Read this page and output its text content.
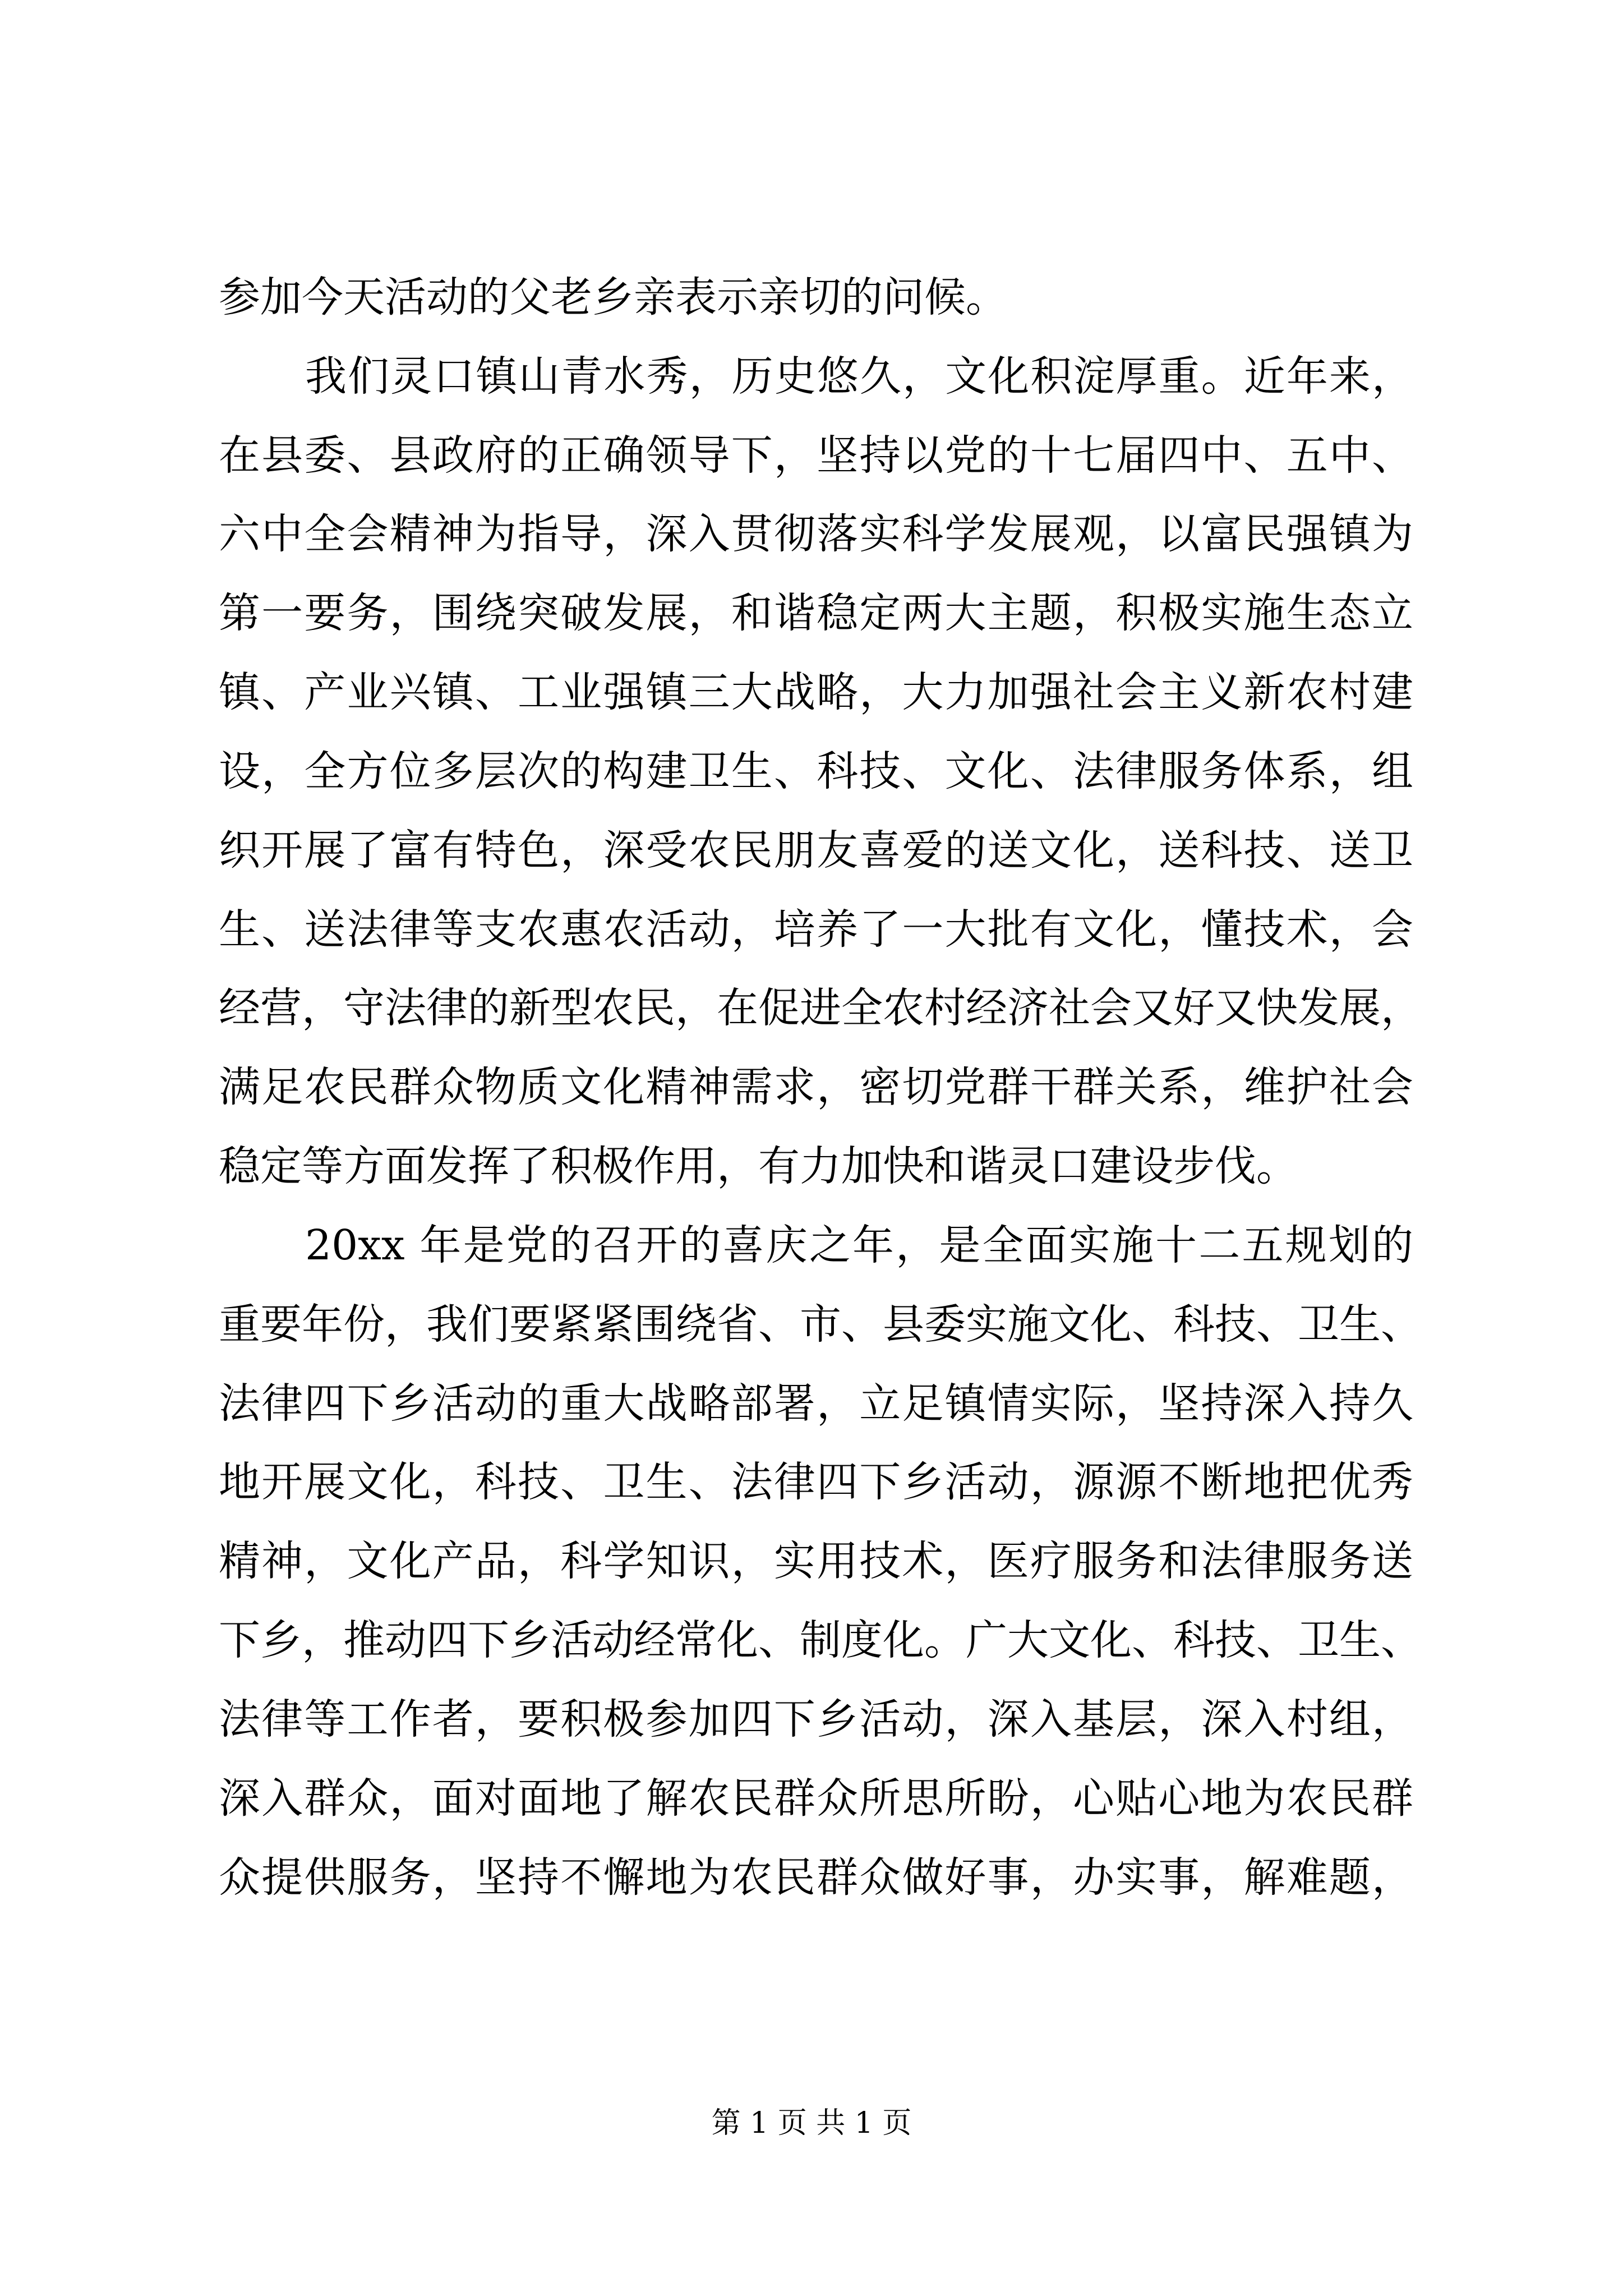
参加今天活动的父老乡亲表示亲切的问候。
我们灵口镇山青水秀，历史悠久，文化积淀厚重。近年来，
在县委、县政府的正确领导下，坚持以党的十七届四中、五中、
六中全会精神为指导，深入贯彻落实科学发展观，以富民强镇为
第一要务，围绕突破发展，和谐稳定两大主题，积极实施生态立
镇、产业兴镇、工业强镇三大战略，大力加强社会主义新农村建
设，全方位多层次的构建卫生、科技、文化、法律服务体系，组
织开展了富有特色，深受农民朋友喜爱的送文化，送科技、送卫
生、送法律等支农惠农活动，培养了一大批有文化，懂技术，会
经营，守法律的新型农民，在促进全农村经济社会又好又快发展，
满足农民群众物质文化精神需求，密切党群干群关系，维护社会
稳定等方面发挥了积极作用，有力加快和谐灵口建设步伐。
20xx 年是党的召开的喜庆之年，是全面实施十二五规划的
重要年份，我们要紧紧围绕省、市、县委实施文化、科技、卫生、
法律四下乡活动的重大战略部署，立足镇情实际，坚持深入持久
地开展文化，科技、卫生、法律四下乡活动，源源不断地把优秀
精神，文化产品，科学知识，实用技术，医疗服务和法律服务送
下乡，推动四下乡活动经常化、制度化。广大文化、科技、卫生、
法律等工作者，要积极参加四下乡活动，深入基层，深入村组，
深入群众，面对面地了解农民群众所思所盼，心贴心地为农民群
众提供服务，坚持不懈地为农民群众做好事，办实事，解难题，
第 1 页 共 1 页
